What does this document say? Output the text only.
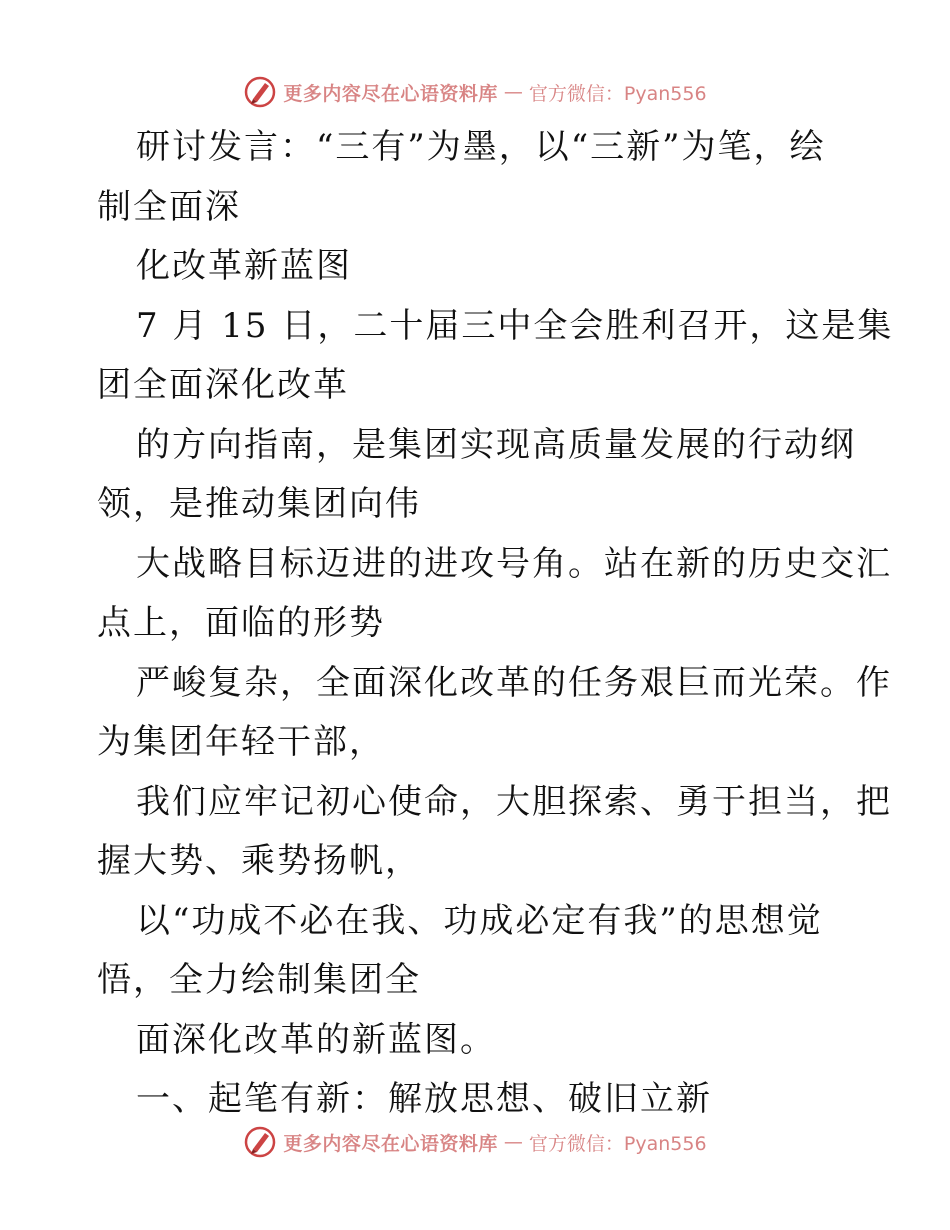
更多内容尽在心语资料库 — 官方微信：Pyan556
研讨发言：“三有”为墨，以“三新”为笔，绘
制全面深
化改革新蓝图
7 月 15 日，二十届三中全会胜利召开，这是集
团全面深化改革
的方向指南，是集团实现高质量发展的行动纲
领，是推动集团向伟
大战略目标迈进的进攻号角。站在新的历史交汇
点上，面临的形势
严峻复杂，全面深化改革的任务艰巨而光荣。作
为集团年轻干部，
我们应牢记初心使命，大胆探索、勇于担当，把
握大势、乘势扬帆，
以“功成不必在我、功成必定有我”的思想觉
悟，全力绘制集团全
面深化改革的新蓝图。
一、起笔有新：解放思想、破旧立新
更多内容尽在心语资料库 — 官方微信：Pyan556
